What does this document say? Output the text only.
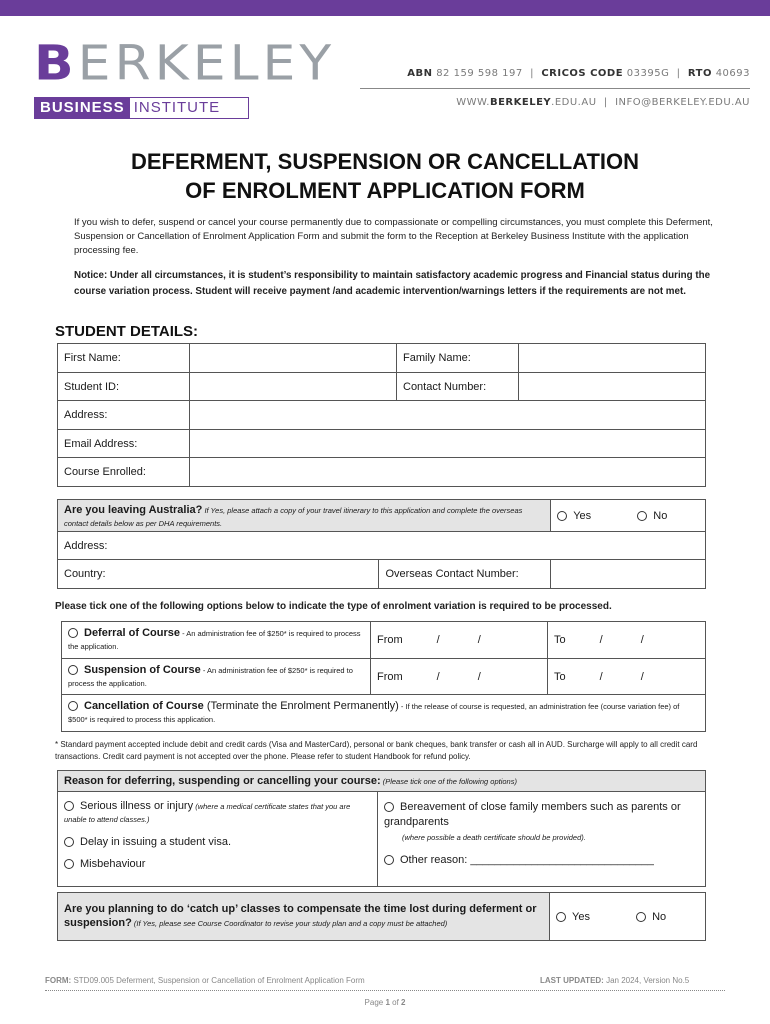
BERKELEY
BUSINESS INSTITUTE
ABN 82 159 598 197  |  CRICOS CODE 03395G  |  RTO 40693
WWW.BERKELEY.EDU.AU  |  INFO@BERKELEY.EDU.AU
DEFERMENT, SUSPENSION OR CANCELLATION
OF ENROLMENT APPLICATION FORM
If you wish to defer, suspend or cancel your course permanently due to compassionate or compelling circumstances, you must complete this Deferment, Suspension or Cancellation of Enrolment Application Form and submit the form to the Reception at Berkeley Business Institute with the application processing fee.
Notice: Under all circumstances, it is student’s responsibility to maintain satisfactory academic progress and Financial status during the course variation process. Student will receive payment /and academic intervention/warnings letters if the requirements are not met.
STUDENT DETAILS:
First Name:		Family Name:	
Student ID:		Contact Number:	
Address:			
Email Address:			
Course Enrolled:			
Are you leaving Australia? If Yes, please attach a copy of your travel itinerary to this application and complete the overseas contact details below as per DHA requirements.		Yes No
Address:		
Country:	Overseas Contact Number:	
Please tick one of the following options below to indicate the type of enrolment variation is required to be processed.
Deferral of Course - An administration fee of $250* is required to process the application.	From / /	To / /
Suspension of Course - An administration fee of $250* is required to process the application.	From / /	To / /
Cancellation of Course (Terminate the Enrolment Permanently) - If the release of course is requested, an administration fee (course variation fee) of $500* is required to process this application.		
* Standard payment accepted include debit and credit cards (Visa and MasterCard), personal or bank cheques, bank transfer or cash all in AUD. Surcharge will apply to all credit card transactions. Credit card payment is not accepted over the phone. Please refer to student Handbook for refund policy.
Reason for deferring, suspending or cancelling your course: (Please tick one of the following options)

Serious illness or injury (where a medical certificate states that you are unable to attend classes.)
Delay in issuing a student visa.
Misbehaviour

Bereavement of close family members such as parents or grandparents
(where possible a death certificate should be provided).
Other reason: ______________________________
Are you planning to do ‘catch up’ classes to compensate the time lost during deferment or suspension? (If Yes, please see Course Coordinator to revise your study plan and a copy must be attached)	Yes	No
FORM: STD09.005 Deferment, Suspension or Cancellation of Enrolment Application Form	LAST UPDATED: Jan 2024, Version No.5
Page 1 of 2
